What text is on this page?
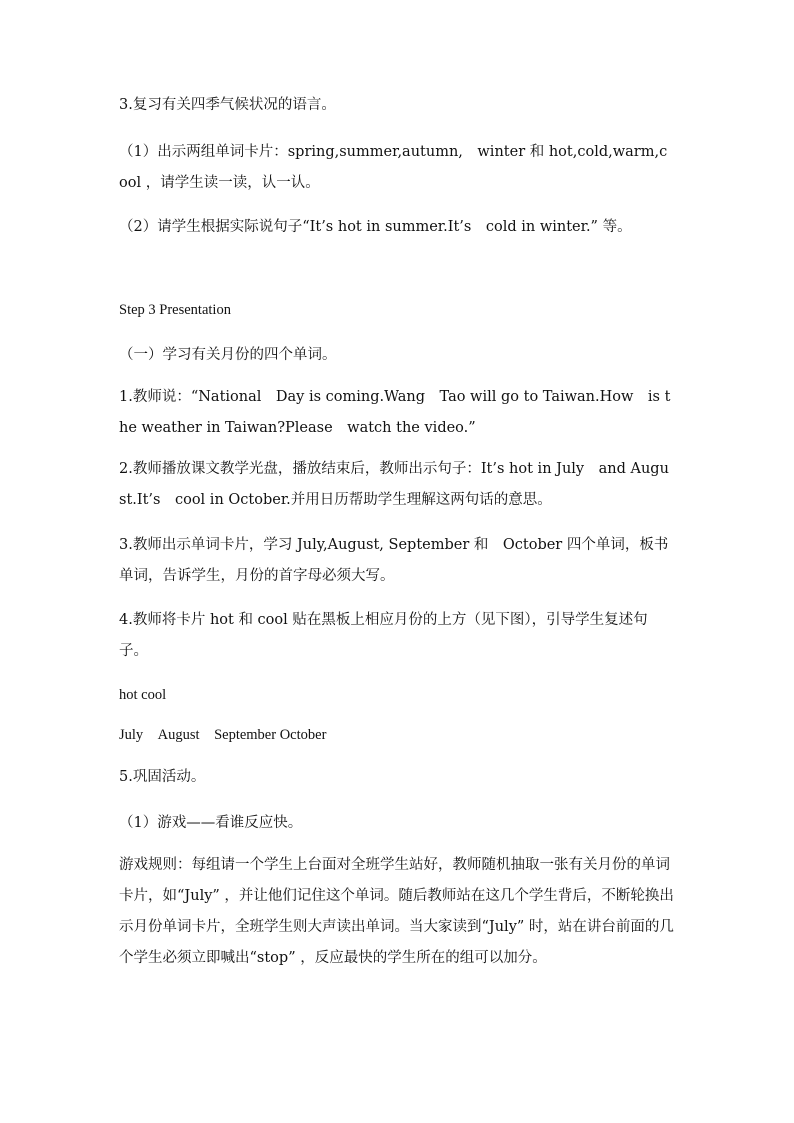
3.复习有关四季气候状况的语言。
（1）出示两组单词卡片：spring,summer,autumn,　winter 和 hot,cold,warm,cool ，请学生读一读，认一认。
（2）请学生根据实际说句子“It’s hot in summer.It’s　cold in winter.” 等。
Step 3 Presentation
（一）学习有关月份的四个单词。
1.教师说：“National　Day is coming.Wang　Tao will go to Taiwan.How　is the weather in Taiwan?Please　watch the video.”
2.教师播放课文教学光盘，播放结束后，教师出示句子：It’s hot in July　and August.It’s　cool in October.并用日历帮助学生理解这两句话的意思。
3.教师出示单词卡片，学习 July,August, September 和　October 四个单词，板书单词，告诉学生，月份的首字母必须大写。
4.教师将卡片 hot 和 cool 贴在黑板上相应月份的上方（见下图），引导学生复述句子。
hot cool
July　August　September October
5.巩固活动。
（1）游戏——看谁反应快。
游戏规则：每组请一个学生上台面对全班学生站好，教师随机抽取一张有关月份的单词卡片，如“July” ，并让他们记住这个单词。随后教师站在这几个学生背后，不断轮换出示月份单词卡片，全班学生则大声读出单词。当大家读到“July” 时，站在讲台前面的几个学生必须立即喊出“stop” ，反应最快的学生所在的组可以加分。
